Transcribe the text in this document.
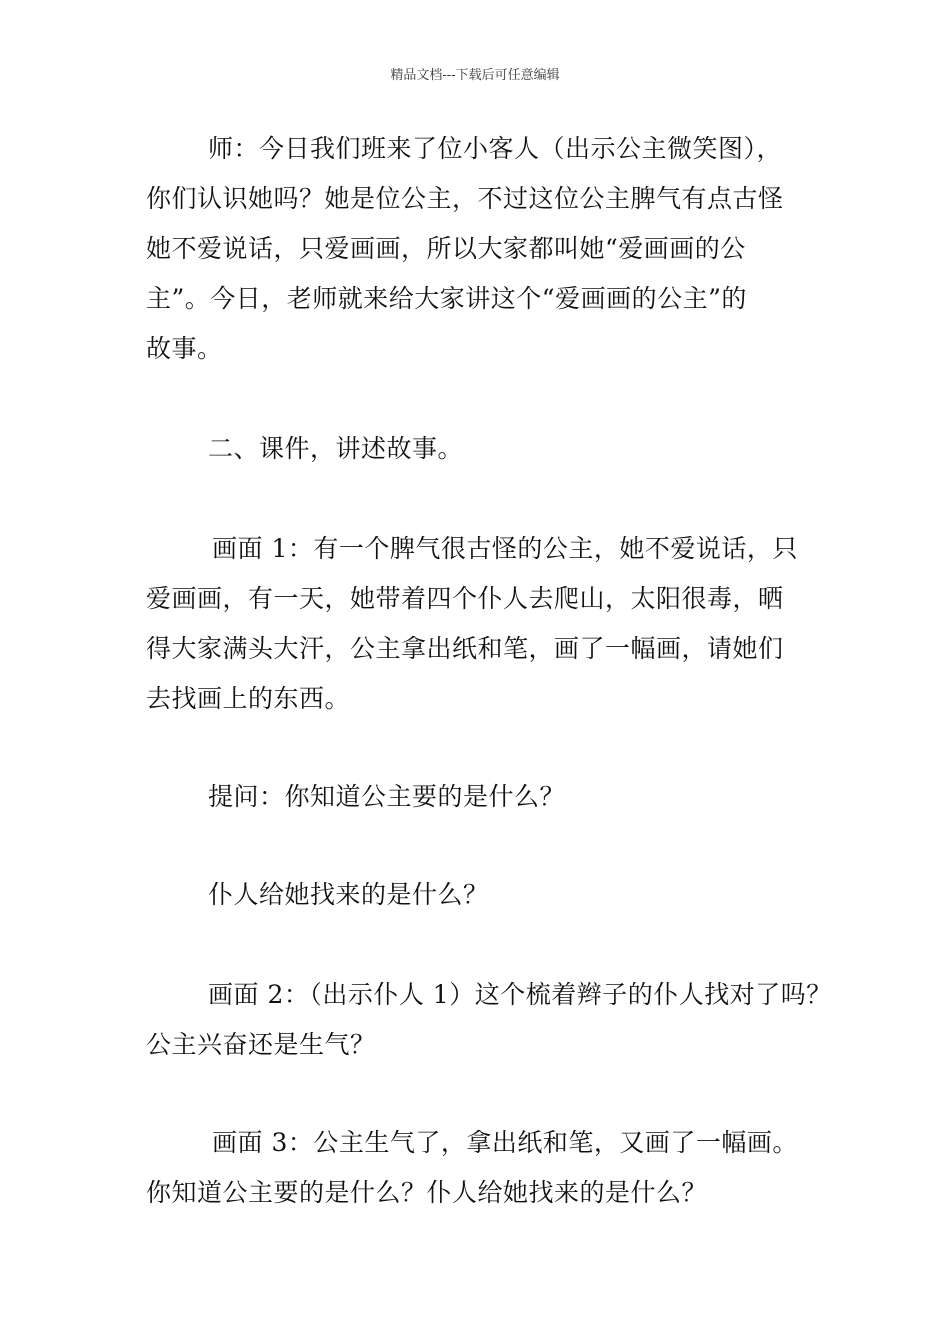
精品文档---下载后可任意编辑
师：今日我们班来了位小客人（出示公主微笑图），
你们认识她吗？她是位公主，不过这位公主脾气有点古怪
她不爱说话，只爱画画，所以大家都叫她“爱画画的公
主”。今日，老师就来给大家讲这个“爱画画的公主”的
故事。
二、课件，讲述故事。
画面 1：有一个脾气很古怪的公主，她不爱说话，只
爱画画，有一天，她带着四个仆人去爬山，太阳很毒，晒
得大家满头大汗，公主拿出纸和笔，画了一幅画，请她们
去找画上的东西。
提问：你知道公主要的是什么？
仆人给她找来的是什么？
画面 2：（出示仆人 1）这个梳着辫子的仆人找对了吗？
公主兴奋还是生气？
画面 3：公主生气了，拿出纸和笔，又画了一幅画。
你知道公主要的是什么？仆人给她找来的是什么？
